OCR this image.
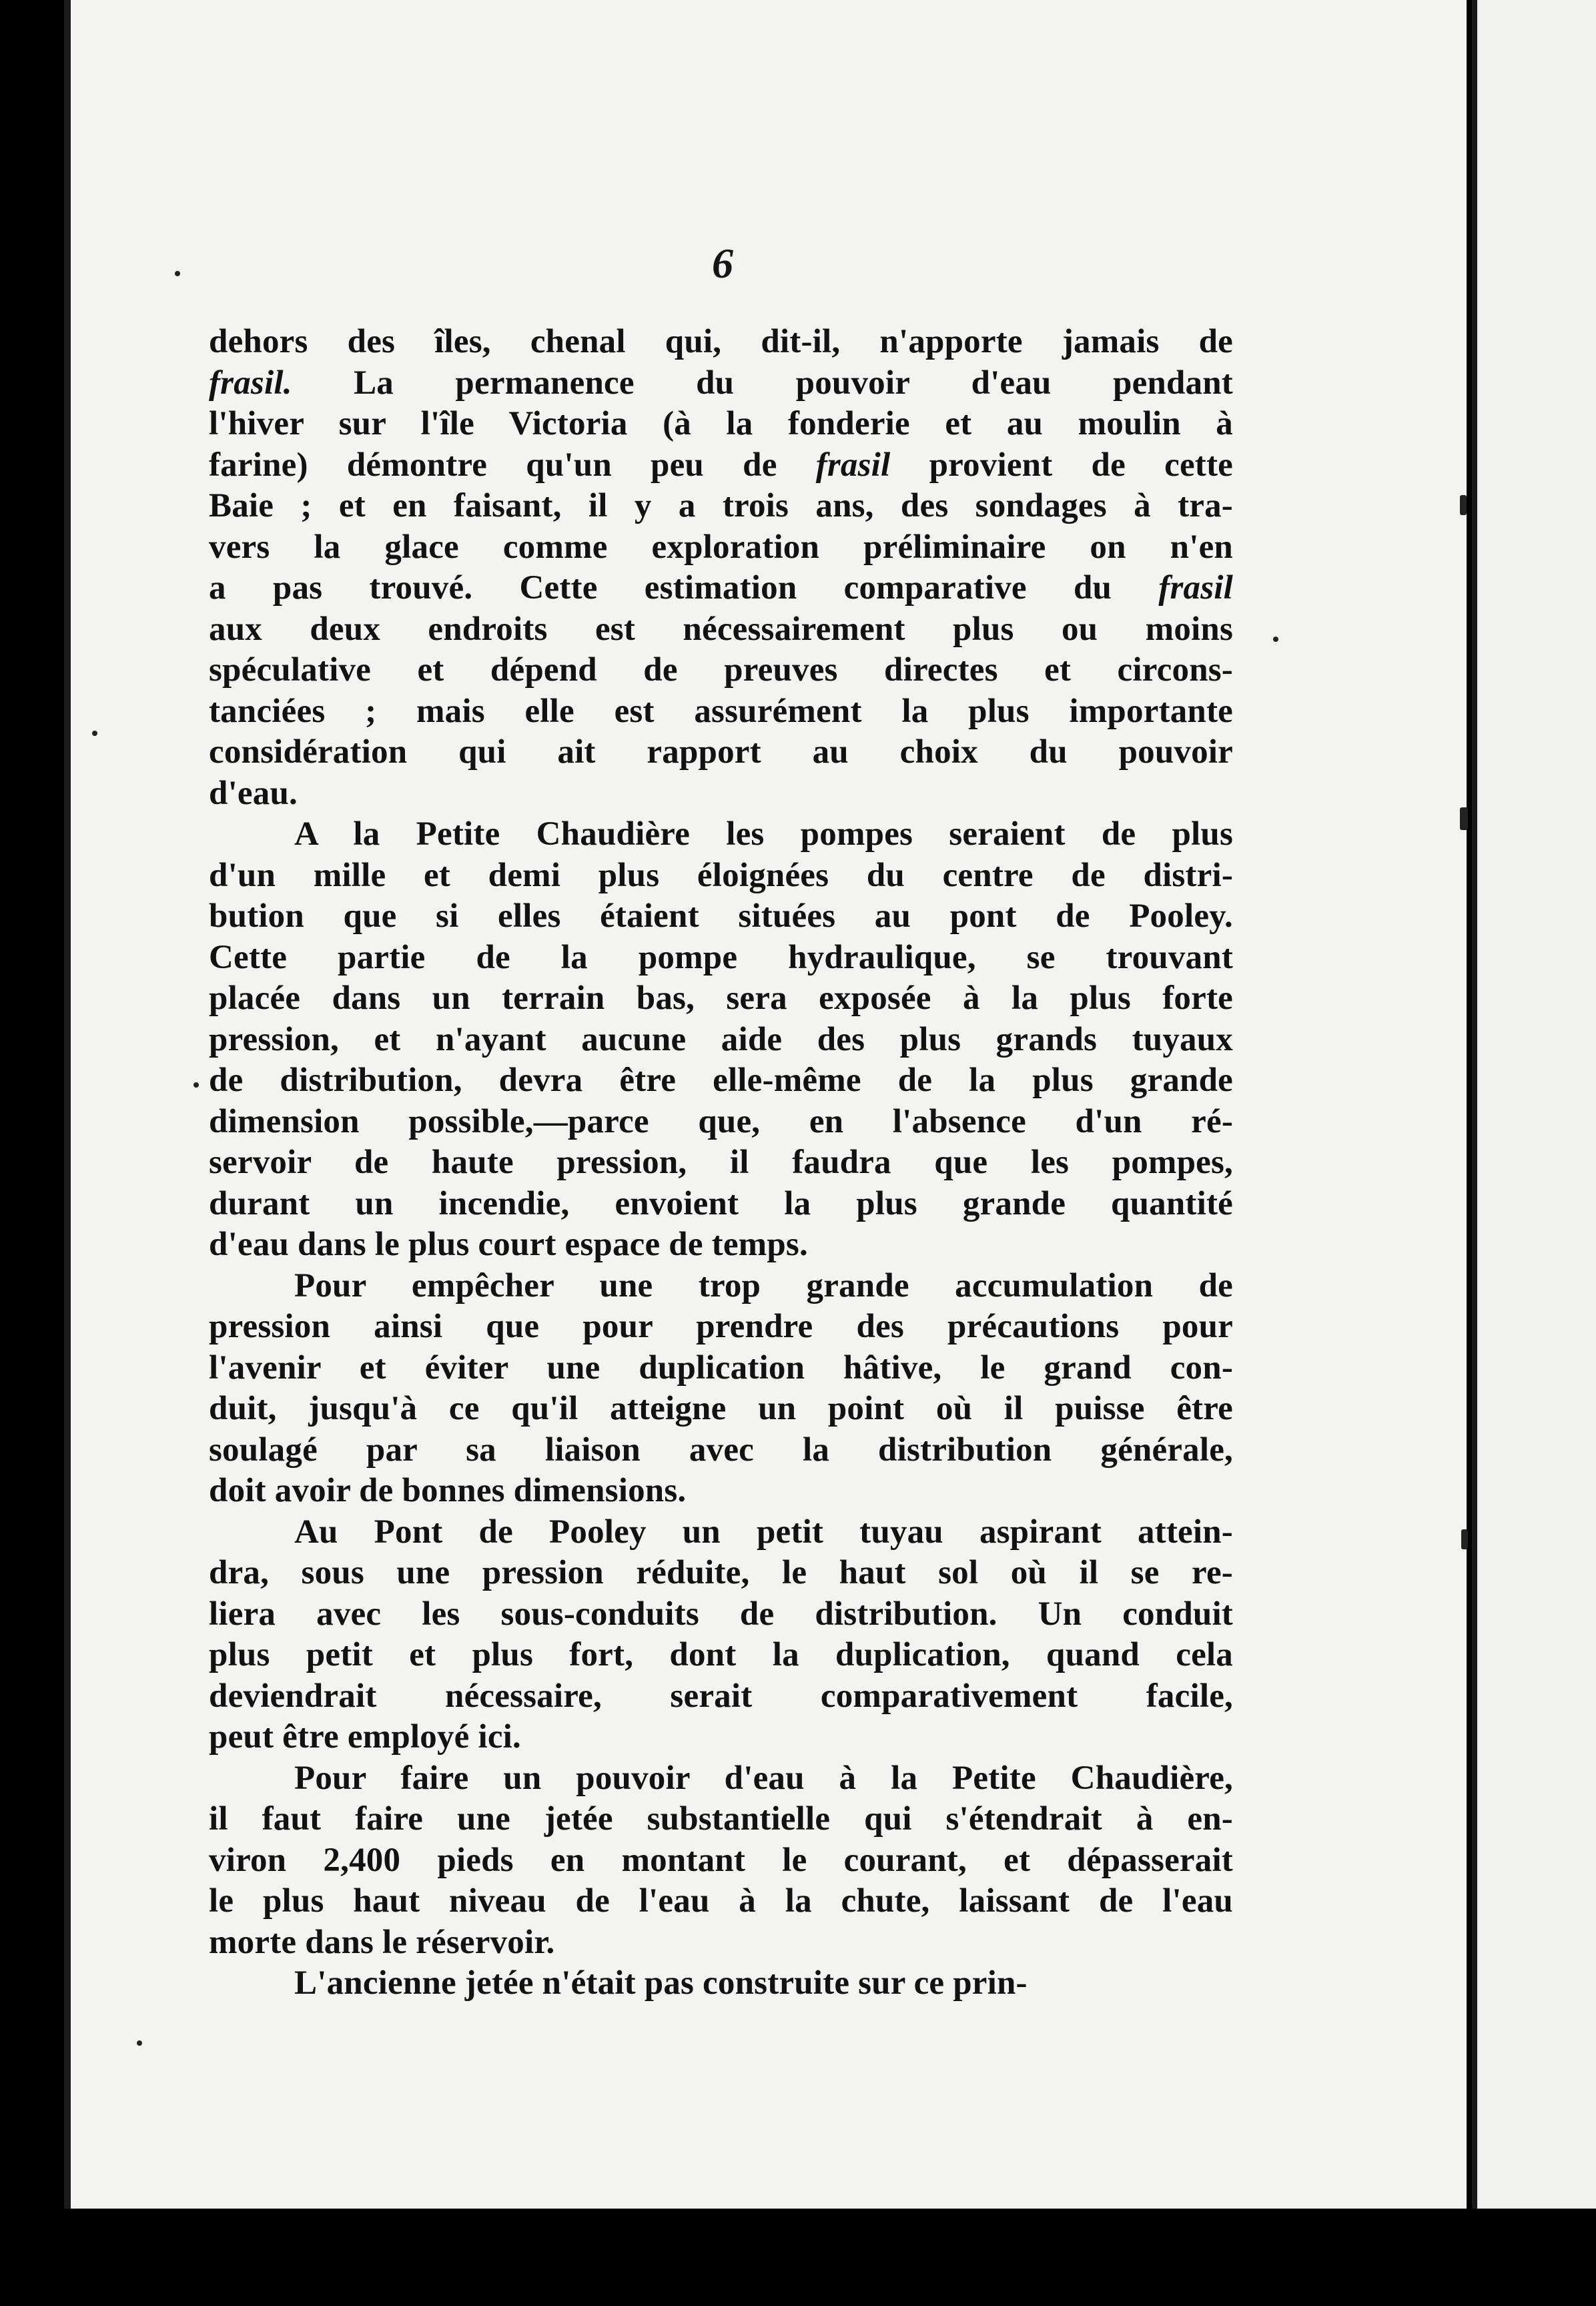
6
dehors des îles, chenal qui, dit-il, n'apporte jamais de
frasil. La permanence du pouvoir d'eau pendant
l'hiver sur l'île Victoria (à la fonderie et au moulin à
farine) démontre qu'un peu de frasil provient de cette
Baie ; et en faisant, il y a trois ans, des sondages à tra-
vers la glace comme exploration préliminaire on n'en
a pas trouvé. Cette estimation comparative du frasil
aux deux endroits est nécessairement plus ou moins
spéculative et dépend de preuves directes et circons-
tanciées ; mais elle est assurément la plus importante
considération qui ait rapport au choix du pouvoir
d'eau.
A la Petite Chaudière les pompes seraient de plus
d'un mille et demi plus éloignées du centre de distri-
bution que si elles étaient situées au pont de Pooley.
Cette partie de la pompe hydraulique, se trouvant
placée dans un terrain bas, sera exposée à la plus forte
pression, et n'ayant aucune aide des plus grands tuyaux
de distribution, devra être elle-même de la plus grande
dimension possible,—parce que, en l'absence d'un ré-
servoir de haute pression, il faudra que les pompes,
durant un incendie, envoient la plus grande quantité
d'eau dans le plus court espace de temps.
Pour empêcher une trop grande accumulation de
pression ainsi que pour prendre des précautions pour
l'avenir et éviter une duplication hâtive, le grand con-
duit, jusqu'à ce qu'il atteigne un point où il puisse être
soulagé par sa liaison avec la distribution générale,
doit avoir de bonnes dimensions.
Au Pont de Pooley un petit tuyau aspirant attein-
dra, sous une pression réduite, le haut sol où il se re-
liera avec les sous-conduits de distribution. Un conduit
plus petit et plus fort, dont la duplication, quand cela
deviendrait nécessaire, serait comparativement facile,
peut être employé ici.
Pour faire un pouvoir d'eau à la Petite Chaudière,
il faut faire une jetée substantielle qui s'étendrait à en-
viron 2,400 pieds en montant le courant, et dépasserait
le plus haut niveau de l'eau à la chute, laissant de l'eau
morte dans le réservoir.
L'ancienne jetée n'était pas construite sur ce prin-
